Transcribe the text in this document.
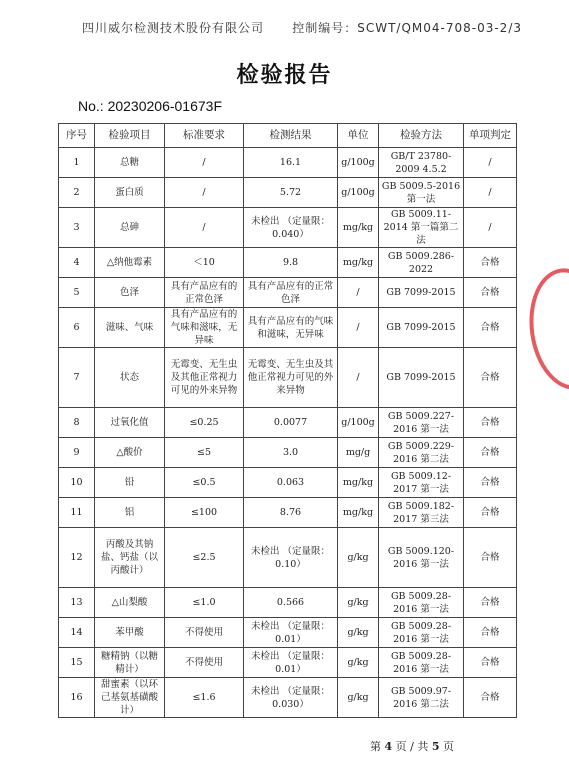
四川威尔检测技术股份有限公司 控制编号：SCWT/QM04-708-03-2/3
检验报告
No.: 20230206-01673F
序号	检验项目	标准要求	检测结果	单位	检验方法	单项判定
1	总糖	/	16.1	g/100g	GB/T 23780-2009 4.5.2	/
2	蛋白质	/	5.72	g/100g	GB 5009.5-2016 第一法	/
3	总砷	/	未检出 （定量限：0.040）	mg/kg	GB 5009.11-2014 第一篇第二法	/
4	△纳他霉素	＜10	9.8	mg/kg	GB 5009.286-2022	合格
5	色泽	具有产品应有的正常色泽	具有产品应有的正常色泽	/	GB 7099-2015	合格
6	滋味、气味	具有产品应有的气味和滋味，无异味	具有产品应有的气味和滋味，无异味	/	GB 7099-2015	合格
7	状态	无霉变、无生虫及其他正常视力可见的外来异物	无霉变、无生虫及其他正常视力可见的外来异物	/	GB 7099-2015	合格
8	过氧化值	≤0.25	0.0077	g/100g	GB 5009.227-2016 第一法	合格
9	△酸价	≤5	3.0	mg/g	GB 5009.229-2016 第二法	合格
10	铅	≤0.5	0.063	mg/kg	GB 5009.12-2017 第一法	合格
11	铝	≤100	8.76	mg/kg	GB 5009.182-2017 第三法	合格
12	丙酸及其钠盐、钙盐（以丙酸计）	≤2.5	未检出 （定量限：0.10）	g/kg	GB 5009.120-2016 第一法	合格
13	△山梨酸	≤1.0	0.566	g/kg	GB 5009.28-2016 第一法	合格
14	苯甲酸	不得使用	未检出 （定量限：0.01）	g/kg	GB 5009.28-2016 第一法	合格
15	糖精钠（以糖精计）	不得使用	未检出 （定量限：0.01）	g/kg	GB 5009.28-2016 第一法	合格
16	甜蜜素（以环己基氨基磺酸计）	≤1.6	未检出 （定量限：0.030）	g/kg	GB 5009.97-2016 第二法	合格
第 4 页 / 共 5 页
